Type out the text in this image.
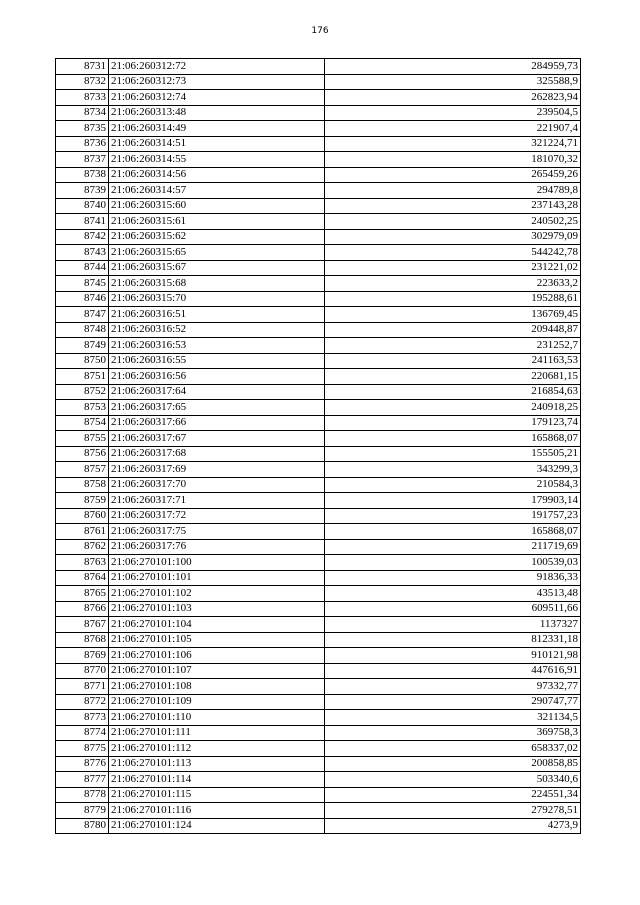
176
8731	21:06:260312:72	284959,73
8732	21:06:260312:73	325588,9
8733	21:06:260312:74	262823,94
8734	21:06:260313:48	239504,5
8735	21:06:260314:49	221907,4
8736	21:06:260314:51	321224,71
8737	21:06:260314:55	181070,32
8738	21:06:260314:56	265459,26
8739	21:06:260314:57	294789,8
8740	21:06:260315:60	237143,28
8741	21:06:260315:61	240502,25
8742	21:06:260315:62	302979,09
8743	21:06:260315:65	544242,78
8744	21:06:260315:67	231221,02
8745	21:06:260315:68	223633,2
8746	21:06:260315:70	195288,61
8747	21:06:260316:51	136769,45
8748	21:06:260316:52	209448,87
8749	21:06:260316:53	231252,7
8750	21:06:260316:55	241163,53
8751	21:06:260316:56	220681,15
8752	21:06:260317:64	216854,63
8753	21:06:260317:65	240918,25
8754	21:06:260317:66	179123,74
8755	21:06:260317:67	165868,07
8756	21:06:260317:68	155505,21
8757	21:06:260317:69	343299,3
8758	21:06:260317:70	210584,3
8759	21:06:260317:71	179903,14
8760	21:06:260317:72	191757,23
8761	21:06:260317:75	165868,07
8762	21:06:260317:76	211719,69
8763	21:06:270101:100	100539,03
8764	21:06:270101:101	91836,33
8765	21:06:270101:102	43513,48
8766	21:06:270101:103	609511,66
8767	21:06:270101:104	1137327
8768	21:06:270101:105	812331,18
8769	21:06:270101:106	910121,98
8770	21:06:270101:107	447616,91
8771	21:06:270101:108	97332,77
8772	21:06:270101:109	290747,77
8773	21:06:270101:110	321134,5
8774	21:06:270101:111	369758,3
8775	21:06:270101:112	658337,02
8776	21:06:270101:113	200858,85
8777	21:06:270101:114	503340,6
8778	21:06:270101:115	224551,34
8779	21:06:270101:116	279278,51
8780	21:06:270101:124	4273,9
